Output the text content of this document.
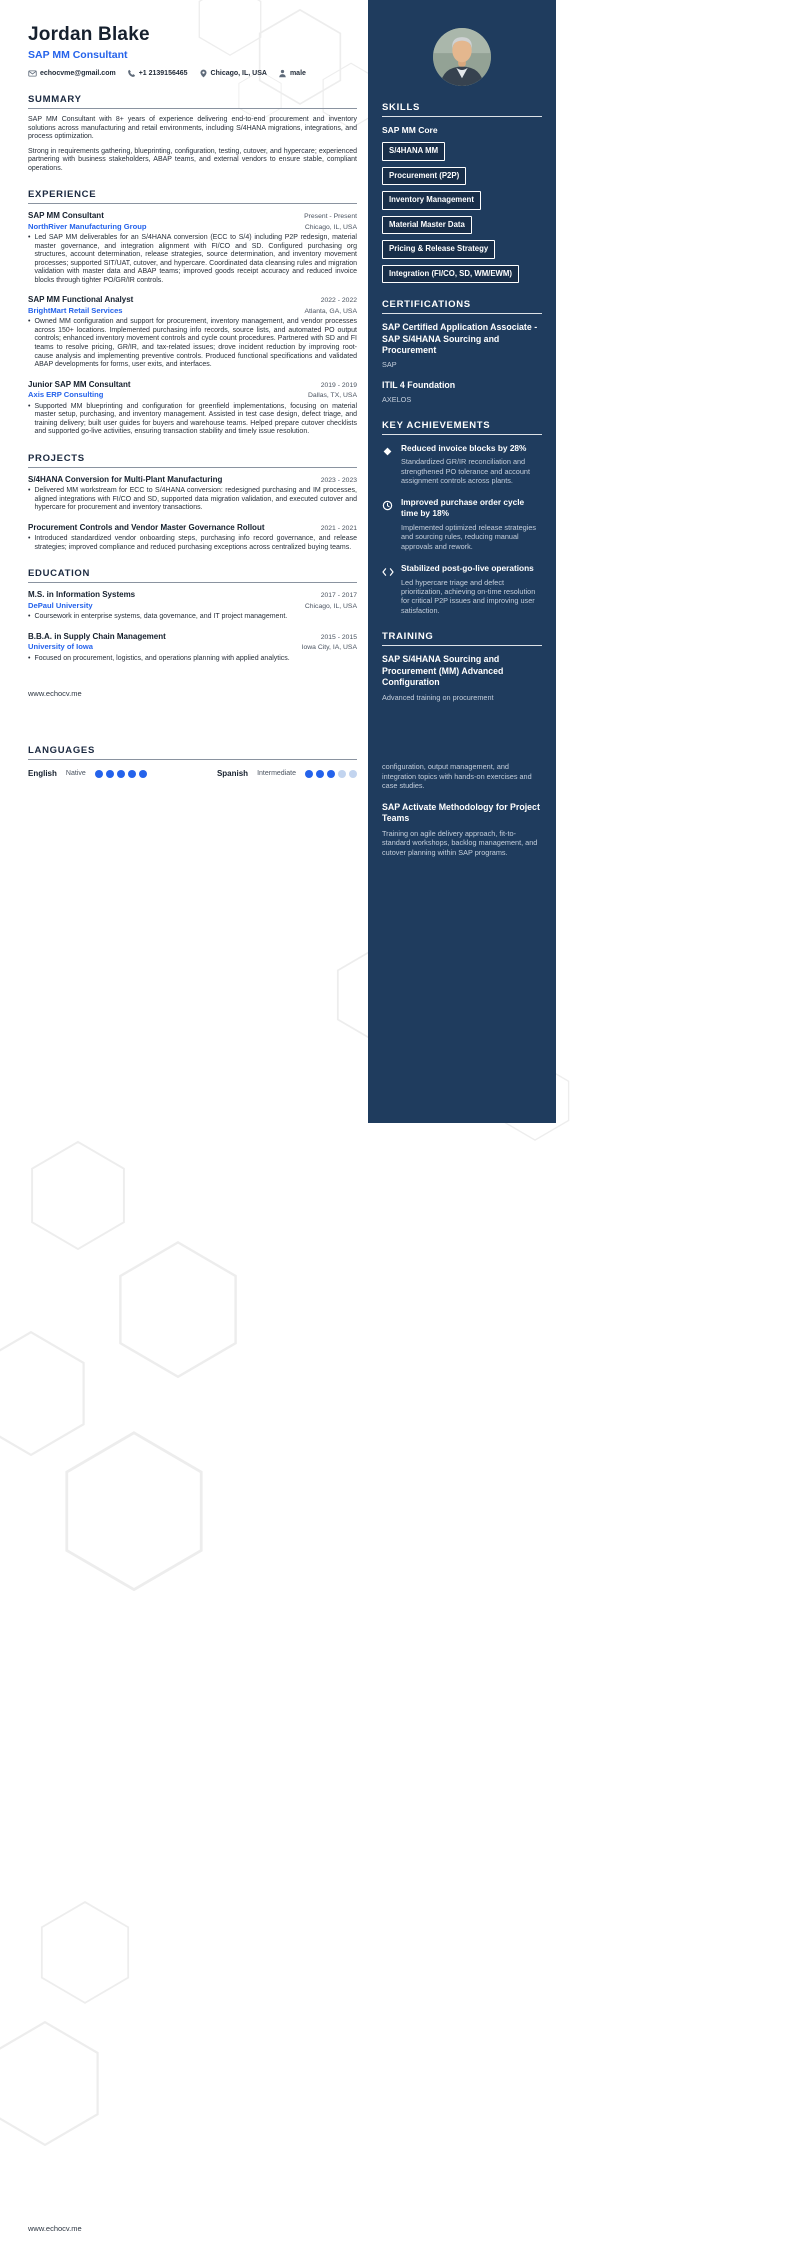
SKILLS
SAP MM Core
S/4HANA MM
Procurement (P2P)
Inventory Management
Material Master Data
Pricing & Release Strategy
Integration (FI/CO, SD, WM/EWM)
CERTIFICATIONS
SAP Certified Application Associate - SAP S/4HANA Sourcing and Procurement
SAP
ITIL 4 Foundation
AXELOS
KEY ACHIEVEMENTS
Reduced invoice blocks by 28%
Standardized GR/IR reconciliation and strengthened PO tolerance and account assignment controls across plants.
Improved purchase order cycle time by 18%
Implemented optimized release strategies and sourcing rules, reducing manual approvals and rework.
Stabilized post-go-live operations
Led hypercare triage and defect prioritization, achieving on-time resolution for critical P2P issues and improving user satisfaction.
TRAINING
SAP S/4HANA Sourcing and Procurement (MM) Advanced Configuration
Advanced training on procurement
configuration, output management, and integration topics with hands-on exercises and case studies.
SAP Activate Methodology for Project Teams
Training on agile delivery approach, fit-to-standard workshops, backlog management, and cutover planning within SAP programs.
Jordan Blake
SAP MM Consultant
echocvme@gmail.com	+1 2139156465	Chicago, IL, USA	male
SUMMARY

SAP MM Consultant with 8+ years of experience delivering end-to-end procurement and inventory solutions across manufacturing and retail environments, including S/4HANA migrations, integrations, and process optimization.

Strong in requirements gathering, blueprinting, configuration, testing, cutover, and hypercare; experienced partnering with business stakeholders, ABAP teams, and external vendors to ensure stable, compliant operations.

EXPERIENCE
SAP MM Consultant	Present - Present
NorthRiver Manufacturing Group	Chicago, IL, USA
• Led SAP MM deliverables for an S/4HANA conversion (ECC to S/4) including P2P redesign, material master governance, and integration alignment with FI/CO and SD. Configured purchasing org structures, account determination, release strategies, source determination, and inventory movement processes; supported SIT/UAT, cutover, and hypercare. Coordinated data cleansing rules and migration validation with master data and ABAP teams; improved goods receipt accuracy and reduced invoice blocks through tighter PO/GR/IR controls.
SAP MM Functional Analyst	2022 - 2022
BrightMart Retail Services	Atlanta, GA, USA
• Owned MM configuration and support for procurement, inventory management, and vendor processes across 150+ locations. Implemented purchasing info records, source lists, and automated PO output controls; enhanced inventory movement controls and cycle count procedures. Partnered with SD and FI teams to resolve pricing, GR/IR, and tax-related issues; drove incident reduction by improving root-cause analysis and implementing preventive controls. Produced functional specifications and validated ABAP developments for forms, user exits, and interfaces.
Junior SAP MM Consultant	2019 - 2019
Axis ERP Consulting	Dallas, TX, USA
• Supported MM blueprinting and configuration for greenfield implementations, focusing on material master setup, purchasing, and inventory management. Assisted in test case design, defect triage, and training delivery; built user guides for buyers and warehouse teams. Helped prepare cutover checklists and supported go-live activities, ensuring transaction stability and timely issue resolution.
PROJECTS
S/4HANA Conversion for Multi-Plant Manufacturing	2023 - 2023
• Delivered MM workstream for ECC to S/4HANA conversion: redesigned purchasing and IM processes, aligned integrations with FI/CO and SD, supported data migration validation, and executed cutover and hypercare for procurement and inventory transactions.
Procurement Controls and Vendor Master Governance Rollout	2021 - 2021
• Introduced standardized vendor onboarding steps, purchasing info record governance, and release strategies; improved compliance and reduced purchasing exceptions across centralized buying teams.
EDUCATION
M.S. in Information Systems	2017 - 2017
DePaul University	Chicago, IL, USA
• Coursework in enterprise systems, data governance, and IT project management.
B.B.A. in Supply Chain Management	2015 - 2015
University of Iowa	Iowa City, IA, USA
• Focused on procurement, logistics, and operations planning with applied analytics.
www.echocv.me
LANGUAGES
English Native	Spanish Intermediate
www.echocv.me
